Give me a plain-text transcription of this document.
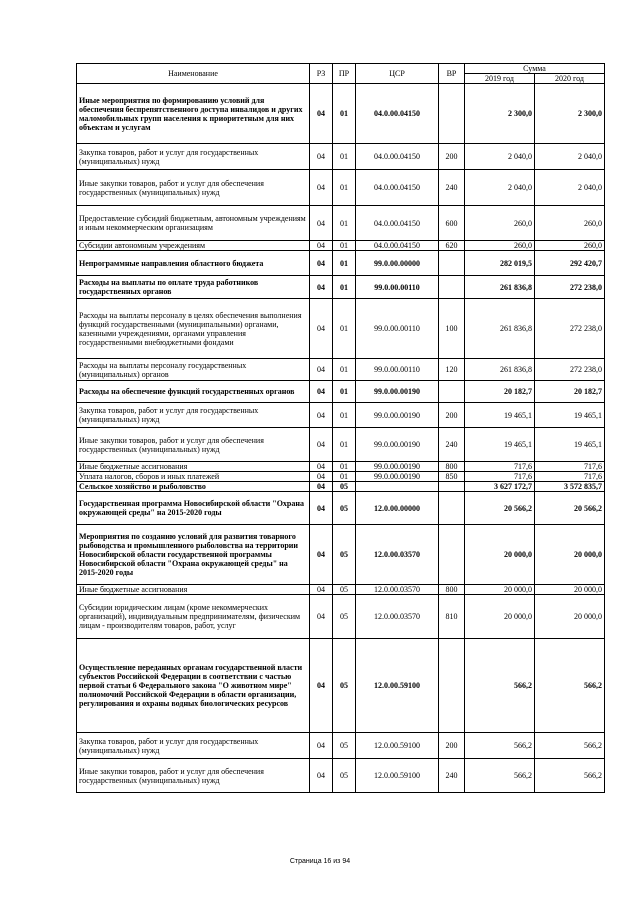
Наименование	РЗ	ПР	ЦСР	ВР	Сумма	
					2019 год	2020 год
Иные мероприятия по формированию условий для обеспечения беспрепятственного доступа инвалидов и других маломобильных групп населения к приоритетным для них объектам и услугам	04	01	04.0.00.04150		2 300,0	2 300,0
Закупка товаров, работ и услуг для государственных (муниципальных) нужд	04	01	04.0.00.04150	200	2 040,0	2 040,0
Иные закупки товаров, работ и услуг для обеспечения государственных (муниципальных) нужд	04	01	04.0.00.04150	240	2 040,0	2 040,0
Предоставление субсидий бюджетным, автономным учреждениям и иным некоммерческим организациям	04	01	04.0.00.04150	600	260,0	260,0
Субсидии автономным учреждениям	04	01	04.0.00.04150	620	260,0	260,0
Непрограммные направления областного бюджета	04	01	99.0.00.00000		282 019,5	292 420,7
Расходы на выплаты по оплате труда работников государственных органов	04	01	99.0.00.00110		261 836,8	272 238,0
Расходы на выплаты персоналу в целях обеспечения выполнения функций государственными (муниципальными) органами, казенными учреждениями, органами управления государственными внебюджетными фондами	04	01	99.0.00.00110	100	261 836,8	272 238,0
Расходы на выплаты персоналу государственных (муниципальных) органов	04	01	99.0.00.00110	120	261 836,8	272 238,0
Расходы на обеспечение функций государственных органов	04	01	99.0.00.00190		20 182,7	20 182,7
Закупка товаров, работ и услуг для государственных (муниципальных) нужд	04	01	99.0.00.00190	200	19 465,1	19 465,1
Иные закупки товаров, работ и услуг для обеспечения государственных (муниципальных) нужд	04	01	99.0.00.00190	240	19 465,1	19 465,1
Иные бюджетные ассигнования	04	01	99.0.00.00190	800	717,6	717,6
Уплата налогов, сборов и иных платежей	04	01	99.0.00.00190	850	717,6	717,6
Сельское хозяйство и рыболовство	04	05			3 627 172,7	3 572 835,7
Государственная программа Новосибирской области "Охрана окружающей среды" на 2015-2020 годы	04	05	12.0.00.00000		20 566,2	20 566,2
Мероприятия по созданию условий для развития товарного рыбоводства и промышленного рыболовства на территории Новосибирской области государственной программы Новосибирской области "Охрана окружающей среды" на 2015-2020 годы	04	05	12.0.00.03570		20 000,0	20 000,0
Иные бюджетные ассигнования	04	05	12.0.00.03570	800	20 000,0	20 000,0
Субсидии юридическим лицам (кроме некоммерческих организаций), индивидуальным предпринимателям, физическим лицам - производителям товаров, работ, услуг	04	05	12.0.00.03570	810	20 000,0	20 000,0
Осуществление переданных органам государственной власти субъектов Российской Федерации в соответствии с частью первой статьи 6 Федерального закона "О животном мире" полномочий Российской Федерации в области организации, регулирования и охраны водных биологических ресурсов	04	05	12.0.00.59100		566,2	566,2
Закупка товаров, работ и услуг для государственных (муниципальных) нужд	04	05	12.0.00.59100	200	566,2	566,2
Иные закупки товаров, работ и услуг для обеспечения государственных (муниципальных) нужд	04	05	12.0.00.59100	240	566,2	566,2
Страница 16 из 94
